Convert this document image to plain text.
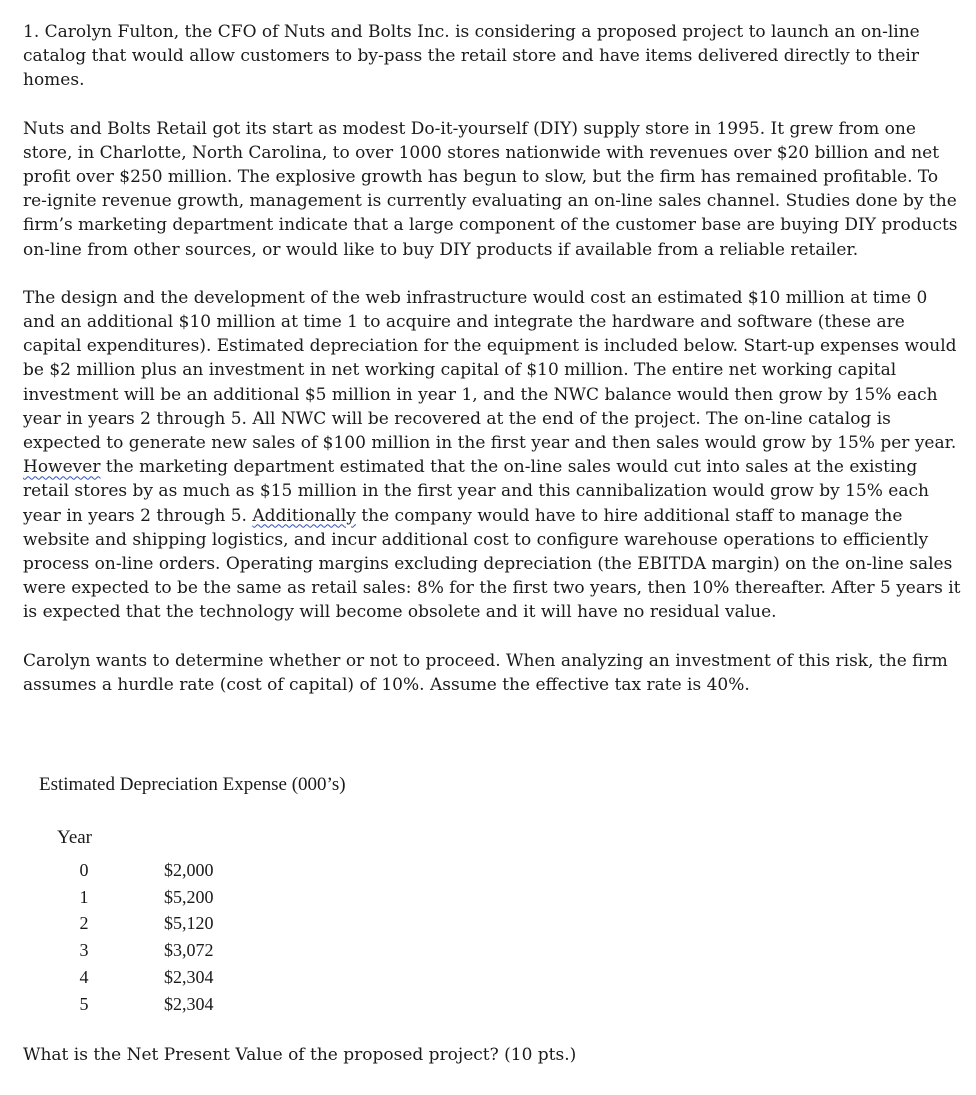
1. Carolyn Fulton, the CFO of Nuts and Bolts Inc. is considering a proposed project to launch an on-line catalog that would allow customers to by-pass the retail store and have items delivered directly to their homes.

Nuts and Bolts Retail got its start as modest Do-it-yourself (DIY) supply store in 1995. It grew from one store, in Charlotte, North Carolina, to over 1000 stores nationwide with revenues over $20 billion and net profit over $250 million. The explosive growth has begun to slow, but the firm has remained profitable. To re-ignite revenue growth, management is currently evaluating an on-line sales channel. Studies done by the firm’s marketing department indicate that a large component of the customer base are buying DIY products on-line from other sources, or would like to buy DIY products if available from a reliable retailer.

The design and the development of the web infrastructure would cost an estimated $10 million at time 0 and an additional $10 million at time 1 to acquire and integrate the hardware and software (these are capital expenditures). Estimated depreciation for the equipment is included below. Start-up expenses would be $2 million plus an investment in net working capital of $10 million. The entire net working capital investment will be an additional $5 million in year 1, and the NWC balance would then grow by 15% each year in years 2 through 5. All NWC will be recovered at the end of the project. The on-line catalog is expected to generate new sales of $100 million in the first year and then sales would grow by 15% per year. However the marketing department estimated that the on-line sales would cut into sales at the existing retail stores by as much as $15 million in the first year and this cannibalization would grow by 15% each year in years 2 through 5. Additionally the company would have to hire additional staff to manage the website and shipping logistics, and incur additional cost to configure warehouse operations to efficiently process on-line orders. Operating margins excluding depreciation (the EBITDA margin) on the on-line sales were expected to be the same as retail sales: 8% for the first two years, then 10% thereafter. After 5 years it is expected that the technology will become obsolete and it will have no residual value.

Carolyn wants to determine whether or not to proceed. When analyzing an investment of this risk, the firm assumes a hurdle rate (cost of capital) of 10%. Assume the effective tax rate is 40%.

Estimated Depreciation Expense (000’s)

Year

0	$2,000
1	$5,200
2	$5,120
3	$3,072
4	$2,304
5	$2,304

What is the Net Present Value of the proposed project? (10 pts.)
